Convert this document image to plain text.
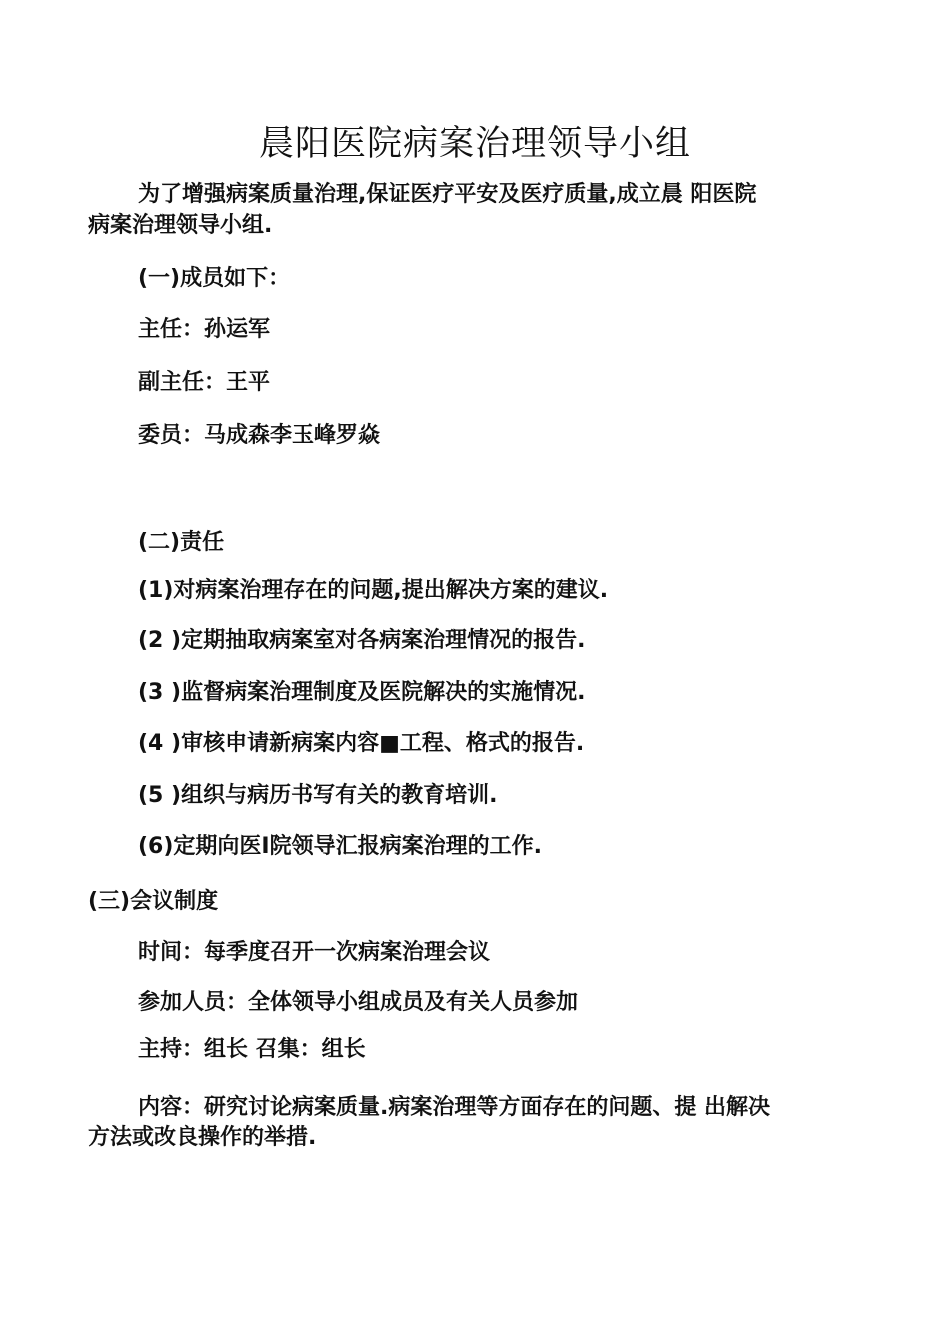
晨阳医院病案治理领导小组
为了增强病案质量治理,保证医疗平安及医疗质量,成立晨 阳医院
病案治理领导小组.
(一)成员如下：
主任：孙运军
副主任：王平
委员：马成森李玉峰罗焱
(二)责任
(1)对病案治理存在的问题,提出解决方案的建议.
(2 )定期抽取病案室对各病案治理情况的报告.
(3 )监督病案治理制度及医院解决的实施情况.
(4 )审核申请新病案内容■工程、格式的报告.
(5 )组织与病历书写有关的教育培训.
(6)定期向医I院领导汇报病案治理的工作.
(三)会议制度
时间：每季度召开一次病案治理会议
参加人员：全体领导小组成员及有关人员参加
主持：组长 召集：组长
内容：研究讨论病案质量.病案治理等方面存在的问题、提 出解决
方法或改良操作的举措.
